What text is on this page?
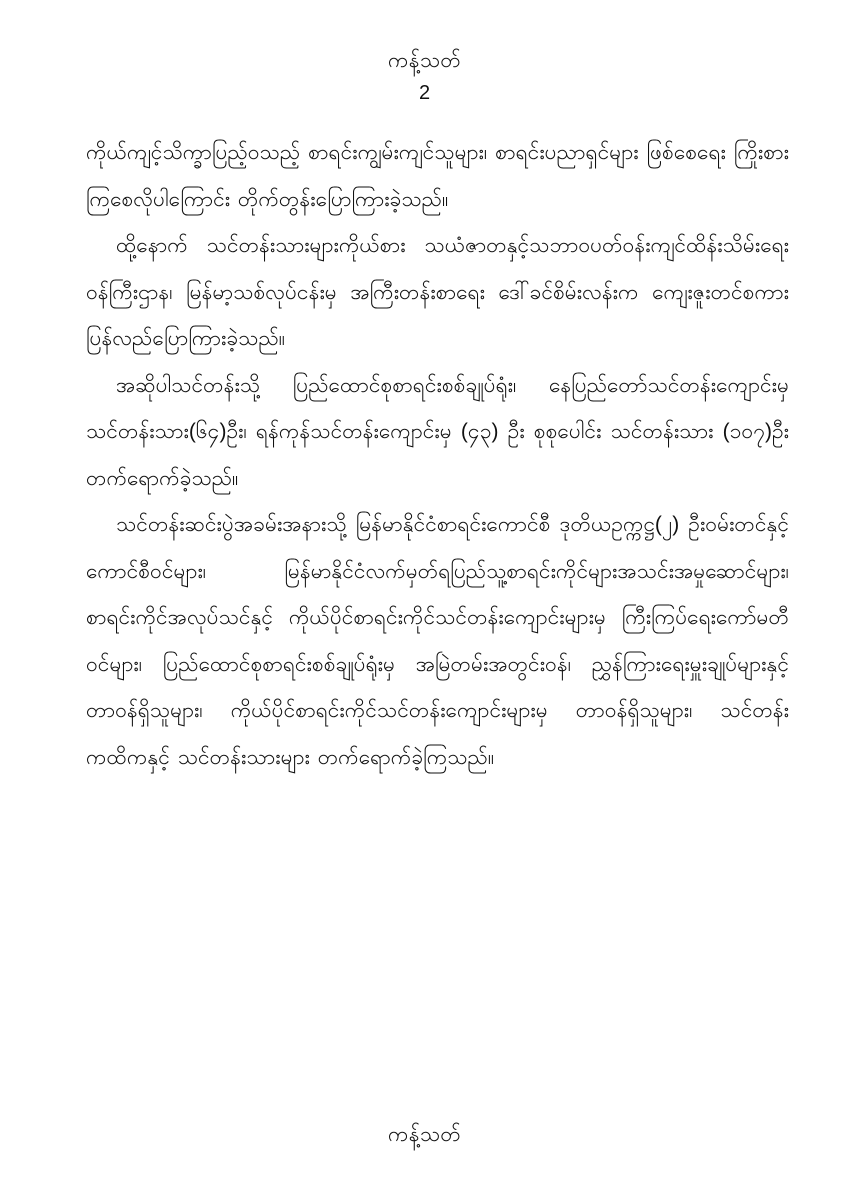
ကန့်သတ်
2

ကိုယ်ကျင့်သိက္ခာပြည့်ဝသည့် စာရင်းကျွမ်းကျင်သူများ၊ စာရင်းပညာရှင်များ ဖြစ်စေရေး ကြိုးစားကြစေလိုပါကြောင်း တိုက်တွန်းပြောကြားခဲ့သည်။

ထို့နောက် သင်တန်းသားများကိုယ်စား သယံဇာတနှင့်သဘာဝပတ်ဝန်းကျင်ထိန်းသိမ်းရေးဝန်ကြီးဌာန၊ မြန်မာ့သစ်လုပ်ငန်းမှ အကြီးတန်းစာရေး ဒေါ်ခင်စိမ်းလန်းက ကျေးဇူးတင်စကား ပြန်လည်ပြောကြားခဲ့သည်။

အဆိုပါသင်တန်းသို့ ပြည်ထောင်စုစာရင်းစစ်ချုပ်ရုံး၊ နေပြည်တော်သင်တန်းကျောင်းမှ သင်တန်းသား(၆၄)ဦး၊ ရန်ကုန်သင်တန်းကျောင်းမှ (၄၃) ဦး စုစုပေါင်း သင်တန်းသား (၁၀၇)ဦး တက်ရောက်ခဲ့သည်။

သင်တန်းဆင်းပွဲအခမ်းအနားသို့ မြန်မာနိုင်ငံစာရင်းကောင်စီ ဒုတိယဥက္ကဋ္ဌ(၂) ဦးဝမ်းတင်နှင့် ကောင်စီဝင်များ၊ မြန်မာနိုင်ငံလက်မှတ်ရပြည်သူ့စာရင်းကိုင်များအသင်းအမှုဆောင်များ၊ စာရင်းကိုင်အလုပ်သင်နှင့် ကိုယ်ပိုင်စာရင်းကိုင်သင်တန်းကျောင်းများမှ ကြီးကြပ်ရေးကော်မတီဝင်များ၊ ပြည်ထောင်စုစာရင်းစစ်ချုပ်ရုံးမှ အမြဲတမ်းအတွင်းဝန်၊ ညွှန်ကြားရေးမှူးချုပ်များနှင့်တာဝန်ရှိသူများ၊ ကိုယ်ပိုင်စာရင်းကိုင်သင်တန်းကျောင်းများမှ တာဝန်ရှိသူများ၊ သင်တန်းကထိကနှင့် သင်တန်းသားများ တက်ရောက်ခဲ့ကြသည်။

ကန့်သတ်
